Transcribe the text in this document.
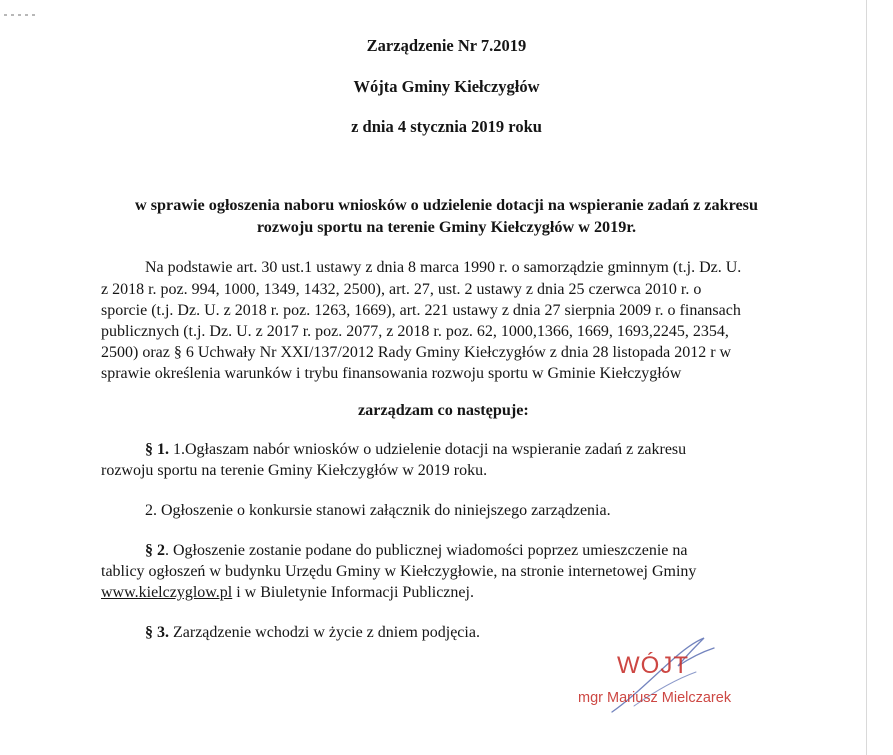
Zarządzenie Nr 7.2019
Wójta Gminy Kiełczygłów
z dnia 4 stycznia 2019 roku
w sprawie ogłoszenia naboru wniosków o udzielenie dotacji na wspieranie zadań z zakresu
rozwoju sportu na terenie Gminy Kiełczygłów w 2019r.
Na podstawie art. 30 ust.1 ustawy z dnia 8 marca 1990 r. o samorządzie gminnym (t.j. Dz. U.
z 2018 r. poz. 994, 1000, 1349, 1432, 2500), art. 27, ust. 2 ustawy z dnia 25 czerwca 2010 r. o
sporcie (t.j. Dz. U. z 2018 r. poz. 1263, 1669), art. 221 ustawy z dnia 27 sierpnia 2009 r. o finansach
publicznych (t.j. Dz. U. z 2017 r. poz. 2077, z 2018 r. poz. 62, 1000,1366, 1669, 1693,2245, 2354,
2500) oraz § 6 Uchwały Nr XXI/137/2012 Rady Gminy Kiełczygłów z dnia 28 listopada 2012 r w
sprawie określenia warunków i trybu finansowania rozwoju sportu w Gminie Kiełczygłów
zarządzam co następuje:
§ 1. 1.Ogłaszam nabór wniosków o udzielenie dotacji na wspieranie zadań z zakresu
rozwoju sportu na terenie Gminy Kiełczygłów w 2019 roku.
2. Ogłoszenie o konkursie stanowi załącznik do niniejszego zarządzenia.
§ 2. Ogłoszenie zostanie podane do publicznej wiadomości poprzez umieszczenie na
tablicy ogłoszeń w budynku Urzędu Gminy w Kiełczygłowie, na stronie internetowej Gminy
www.kielczyglow.pl i w Biuletynie Informacji Publicznej.
§ 3. Zarządzenie wchodzi w życie z dniem podjęcia.
WÓJT
mgr Mariusz Mielczarek
